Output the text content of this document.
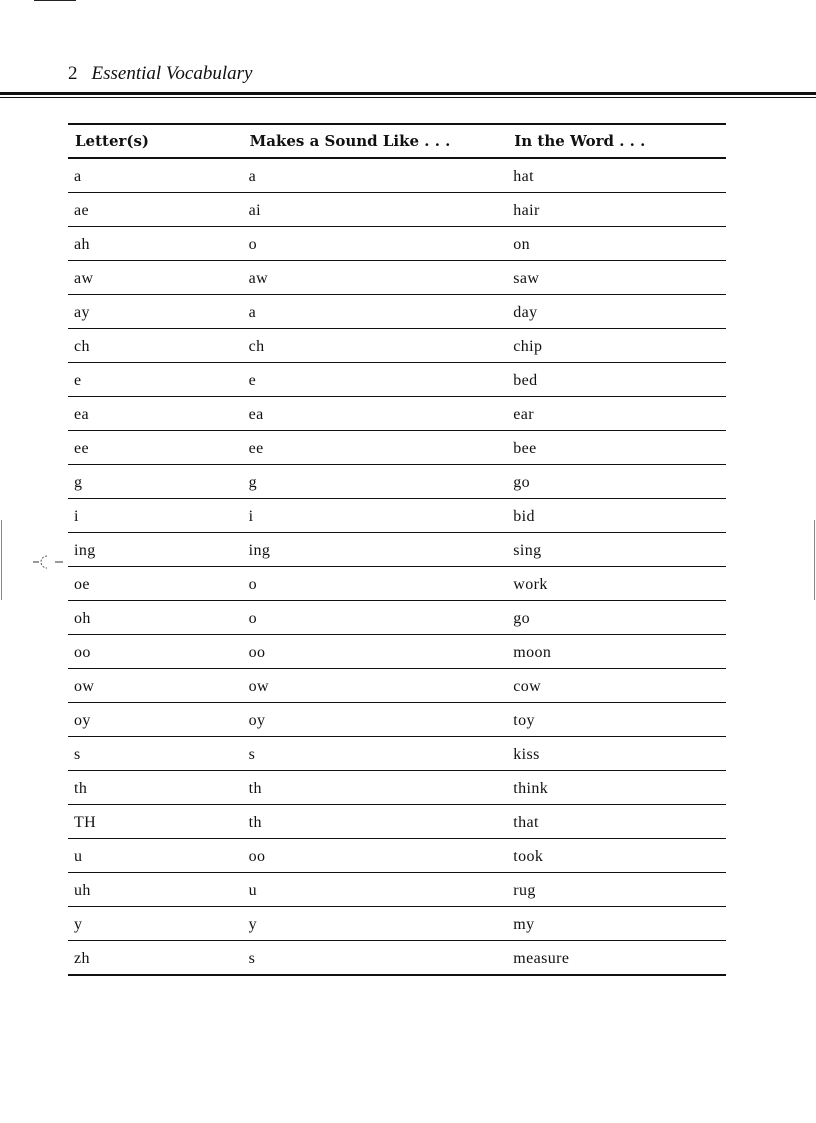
2 Essential Vocabulary
Letter(s)	Makes a Sound Like . . .	In the Word . . .
a	a	hat
ae	ai	hair
ah	o	on
aw	aw	saw
ay	a	day
ch	ch	chip
e	e	bed
ea	ea	ear
ee	ee	bee
g	g	go
i	i	bid
ing	ing	sing
oe	o	work
oh	o	go
oo	oo	moon
ow	ow	cow
oy	oy	toy
s	s	kiss
th	th	think
TH	th	that
u	oo	took
uh	u	rug
y	y	my
zh	s	measure
